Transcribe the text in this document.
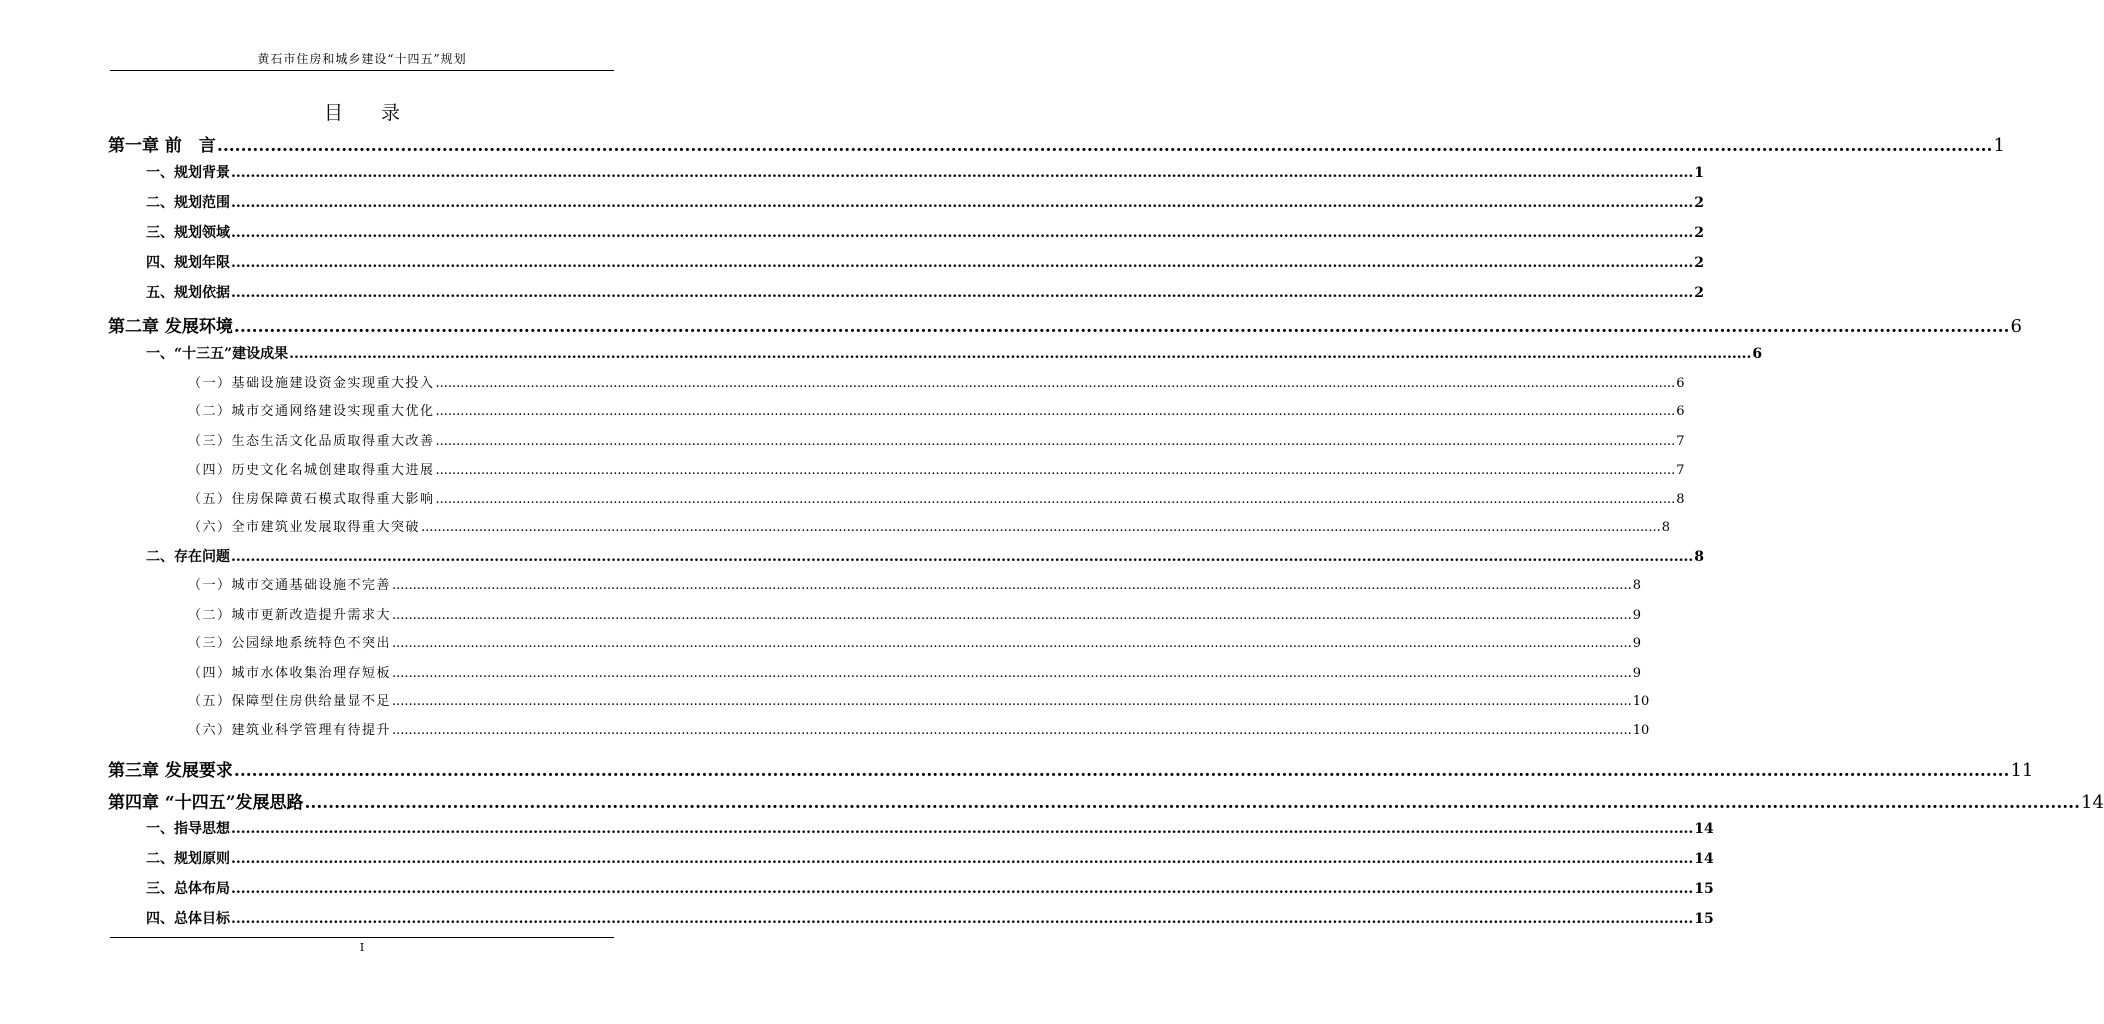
黄石市住房和城乡建设“十四五”规划
目 录
第一章 前　言 ............................................................................................................................................................................................................................................................................................................ 1
一、规划背景 ............................................................................................................................................................................................................................................................................................................ 1
二、规划范围 ............................................................................................................................................................................................................................................................................................................ 2
三、规划领域 ............................................................................................................................................................................................................................................................................................................ 2
四、规划年限 ............................................................................................................................................................................................................................................................................................................ 2
五、规划依据 ............................................................................................................................................................................................................................................................................................................ 2
第二章 发展环境 ............................................................................................................................................................................................................................................................................................................ 6
一、“十三五”建设成果 ............................................................................................................................................................................................................................................................................................................ 6
（一）基础设施建设资金实现重大投入 ............................................................................................................................................................................................................................................................................................................ 6
（二）城市交通网络建设实现重大优化 ............................................................................................................................................................................................................................................................................................................ 6
（三）生态生活文化品质取得重大改善 ............................................................................................................................................................................................................................................................................................................ 7
（四）历史文化名城创建取得重大进展 ............................................................................................................................................................................................................................................................................................................ 7
（五）住房保障黄石模式取得重大影响 ............................................................................................................................................................................................................................................................................................................ 8
（六）全市建筑业发展取得重大突破 ............................................................................................................................................................................................................................................................................................................ 8
二、存在问题 ............................................................................................................................................................................................................................................................................................................ 8
（一）城市交通基础设施不完善 ............................................................................................................................................................................................................................................................................................................ 8
（二）城市更新改造提升需求大 ............................................................................................................................................................................................................................................................................................................ 9
（三）公园绿地系统特色不突出 ............................................................................................................................................................................................................................................................................................................ 9
（四）城市水体收集治理存短板 ............................................................................................................................................................................................................................................................................................................ 9
（五）保障型住房供给量显不足 ............................................................................................................................................................................................................................................................................................................ 10
（六）建筑业科学管理有待提升 ............................................................................................................................................................................................................................................................................................................ 10
第三章 发展要求 ............................................................................................................................................................................................................................................................................................................ 11
第四章 “十四五”发展思路 ............................................................................................................................................................................................................................................................................................................ 14
一、指导思想 ............................................................................................................................................................................................................................................................................................................ 14
二、规划原则 ............................................................................................................................................................................................................................................................................................................ 14
三、总体布局 ............................................................................................................................................................................................................................................................................................................ 15
四、总体目标 ............................................................................................................................................................................................................................................................................................................ 15
I
